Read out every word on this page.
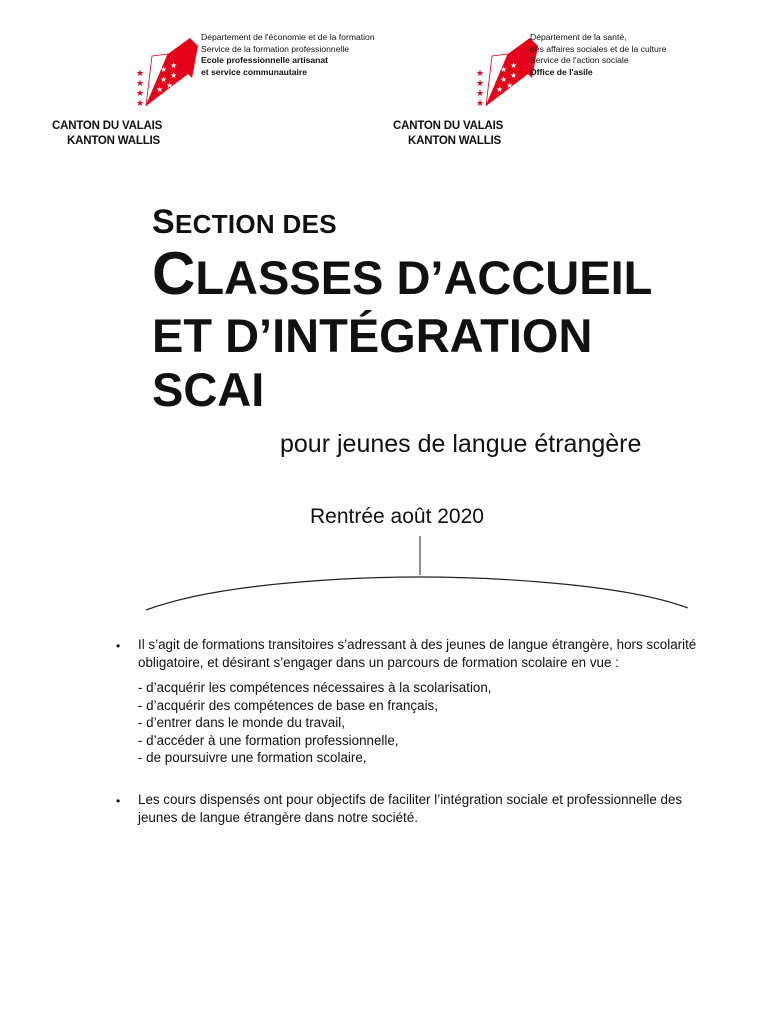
★
★
★
★
★ ★
★ ★
★ ★
★
Département de l'économie et de la formation
Service de la formation professionnelle
Ecole professionnelle artisanat
et service communautaire
CANTON DU VALAIS
KANTON WALLIS
★
★
★
★
★ ★
★ ★
★ ★
★
Département de la santé,
des affaires sociales et de la culture
Service de l'action sociale
Office de l'asile
CANTON DU VALAIS
KANTON WALLIS
SECTION DES
CLASSES D’ACCUEIL
ET D’INTÉGRATION
SCAI
pour jeunes de langue étrangère
Rentrée août 2020
• Il s’agit de formations transitoires s’adressant à des jeunes de langue étrangère, hors scolarité obligatoire, et désirant s’engager dans un parcours de formation scolaire en vue :
- d’acquérir les compétences nécessaires à la scolarisation,
- d’acquérir des compétences de base en français,
- d’entrer dans le monde du travail,
- d’accéder à une formation professionnelle,
- de poursuivre une formation scolaire,
• Les cours dispensés ont pour objectifs de faciliter l’intégration sociale et professionnelle des jeunes de langue étrangère dans notre société.
